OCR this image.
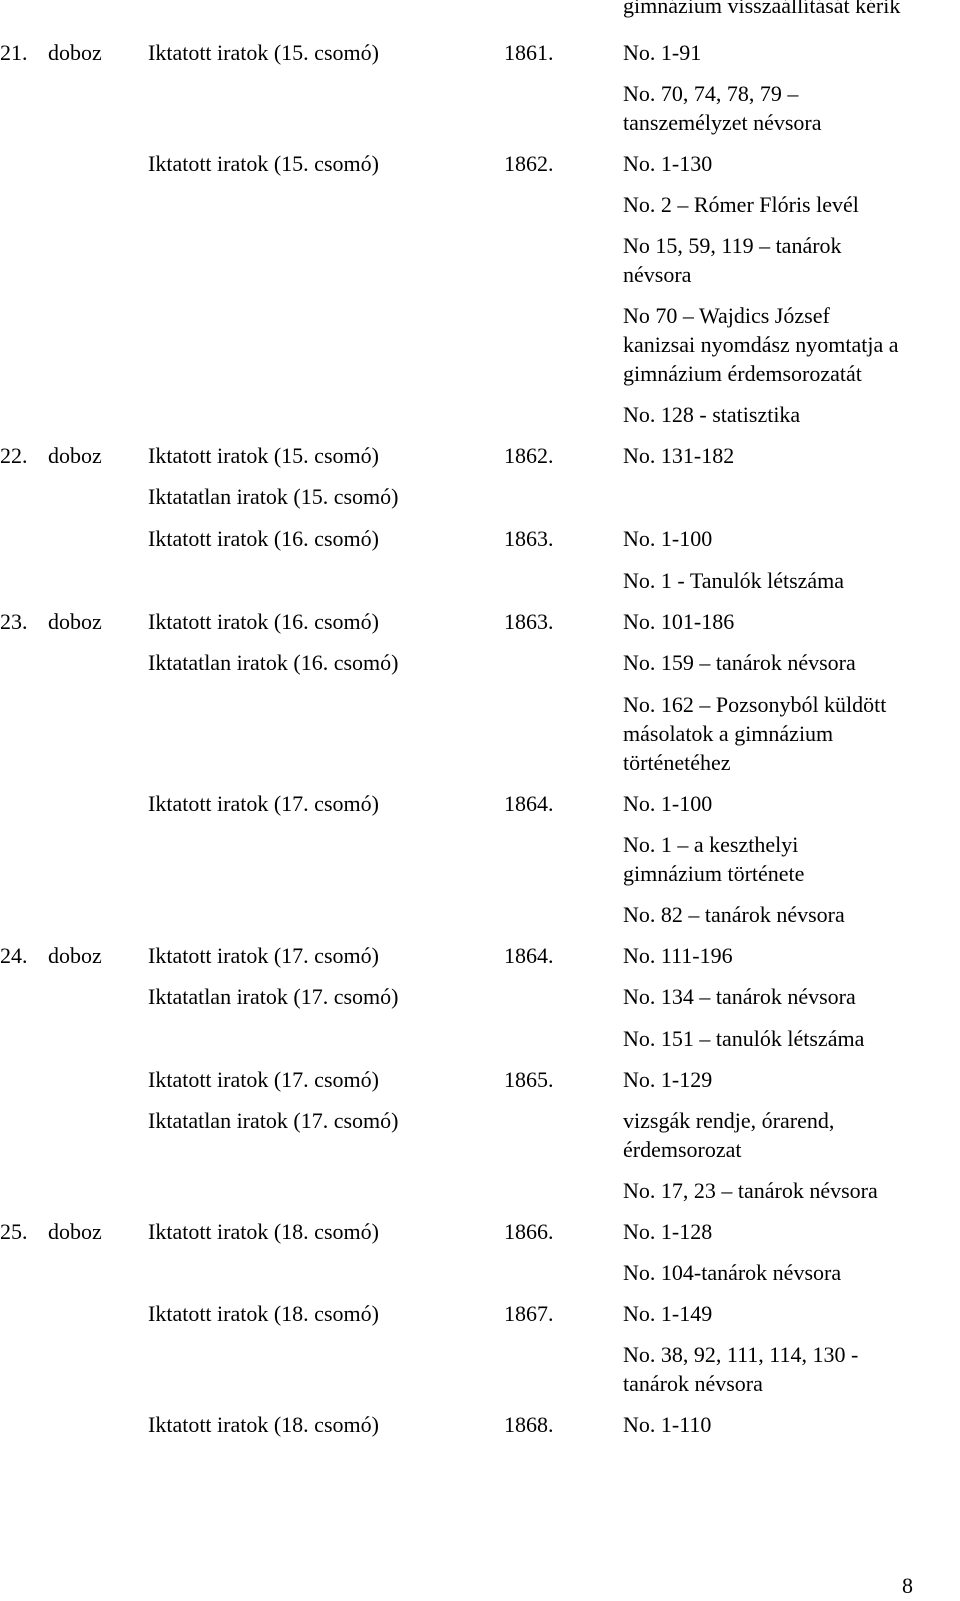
gimnázium visszaállítását kérik
21. doboz Iktatott iratok (15. csomó)	1861.	No. 1-91
No. 70, 74, 78, 79 –
tanszemélyzet névsora
Iktatott iratok (15. csomó)	1862.	No. 1-130
No. 2 – Rómer Flóris levél
No 15, 59, 119 – tanárok
névsora
No 70 – Wajdics József
kanizsai nyomdász nyomtatja a
gimnázium érdemsorozatát
No. 128 - statisztika
22. doboz Iktatott iratok (15. csomó)	1862.	No. 131-182
Iktatatlan iratok (15. csomó)
Iktatott iratok (16. csomó)	1863.	No. 1-100
No. 1 - Tanulók létszáma
23. doboz Iktatott iratok (16. csomó)	1863.	No. 101-186
Iktatatlan iratok (16. csomó)	No. 159 – tanárok névsora
No. 162 – Pozsonyból küldött
másolatok a gimnázium
történetéhez
Iktatott iratok (17. csomó)	1864.	No. 1-100
No. 1 – a keszthelyi
gimnázium története
No. 82 – tanárok névsora
24. doboz Iktatott iratok (17. csomó)	1864.	No. 111-196
Iktatatlan iratok (17. csomó)	No. 134 – tanárok névsora
No. 151 – tanulók létszáma
Iktatott iratok (17. csomó)	1865.	No. 1-129
Iktatatlan iratok (17. csomó)	vizsgák rendje, órarend,
érdemsorozat
No. 17, 23 – tanárok névsora
25. doboz Iktatott iratok (18. csomó)	1866.	No. 1-128
No. 104-tanárok névsora
Iktatott iratok (18. csomó)	1867.	No. 1-149
No. 38, 92, 111, 114, 130 -
tanárok névsora
Iktatott iratok (18. csomó)	1868.	No. 1-110
8
